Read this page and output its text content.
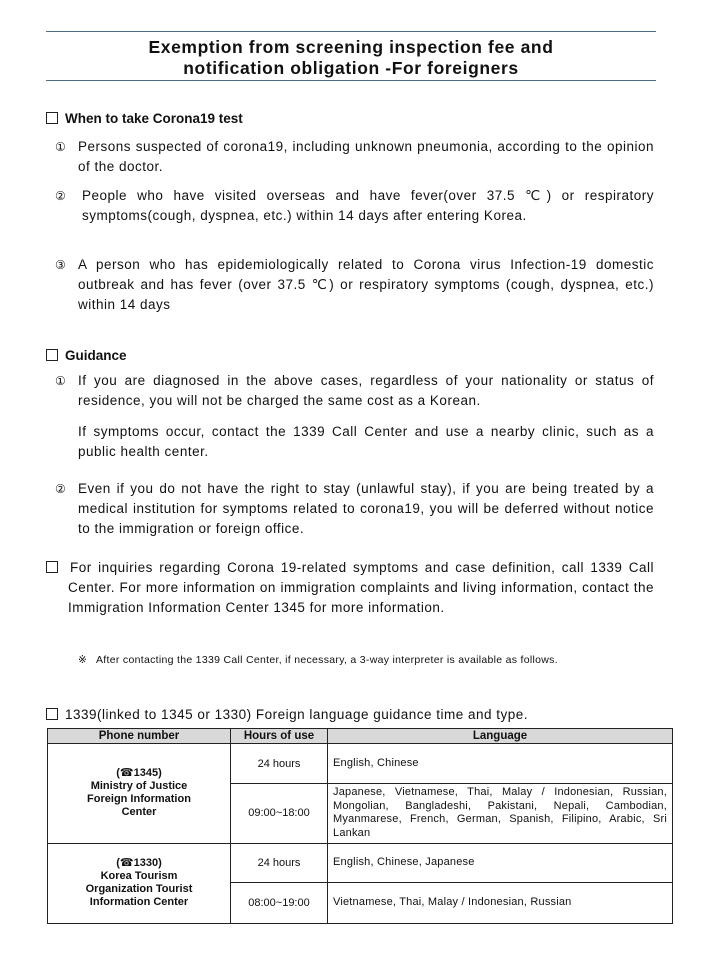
Exemption from screening inspection fee and
notification obligation -For foreigners
When to take Corona19 test
① Persons suspected of corona19, including unknown pneumonia, according to the opinion of the doctor.
② People who have visited overseas and have fever(over 37.5 ℃) or respiratory symptoms(cough, dyspnea, etc.) within 14 days after entering Korea.
③ A person who has epidemiologically related to Corona virus Infection-19 domestic outbreak and has fever (over 37.5 ℃) or respiratory symptoms (cough, dyspnea, etc.) within 14 days
Guidance
① If you are diagnosed in the above cases, regardless of your nationality or status of residence, you will not be charged the same cost as a Korean.
If symptoms occur, contact the 1339 Call Center and use a nearby clinic, such as a public health center.
② Even if you do not have the right to stay (unlawful stay), if you are being treated by a medical institution for symptoms related to corona19, you will be deferred without notice to the immigration or foreign office.
For inquiries regarding Corona 19-related symptoms and case definition, call 1339 Call Center. For more information on immigration complaints and living information, contact the Immigration Information Center 1345 for more information.
※ After contacting the 1339 Call Center, if necessary, a 3-way interpreter is available as follows.
1339(linked to 1345 or 1330) Foreign language guidance time and type.
Phone number	Hours of use	Language

(☎1345)
Ministry of Justice
Foreign Information
Center	24 hours	English, Chinese
	09:00~18:00	Japanese, Vietnamese, Thai, Malay / Indonesian, Russian, Mongolian, Bangladeshi, Pakistani, Nepali, Cambodian, Myanmarese, French, German, Spanish, Filipino, Arabic, Sri Lankan

(☎1330)
Korea Tourism
Organization Tourist
Information Center	24 hours	English, Chinese, Japanese
	08:00~19:00	Vietnamese, Thai, Malay / Indonesian, Russian
